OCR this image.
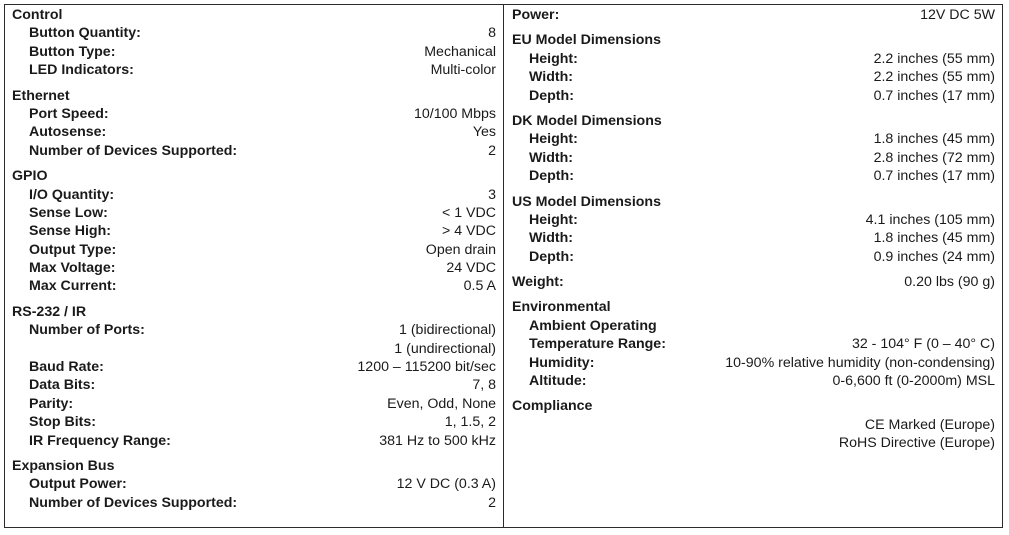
Control
Button Quantity:	8
Button Type:	Mechanical
LED Indicators:	Multi-color
Ethernet
Port Speed:	10/100 Mbps
Autosense:	Yes
Number of Devices Supported:	2
GPIO
I/O Quantity:	3
Sense Low:	< 1 VDC
Sense High:	> 4 VDC
Output Type:	Open drain
Max Voltage:	24 VDC
Max Current:	0.5 A
RS-232 / IR
Number of Ports:	1 (bidirectional)
1 (undirectional)
Baud Rate:	1200 – 115200 bit/sec
Data Bits:	7, 8
Parity:	Even, Odd, None
Stop Bits:	1, 1.5, 2
IR Frequency Range:	381 Hz to 500 kHz
Expansion Bus
Output Power:	12 V DC (0.3 A)
Number of Devices Supported:	2
Power:	12V DC 5W
EU Model Dimensions
Height:	2.2 inches (55 mm)
Width:	2.2 inches (55 mm)
Depth:	0.7 inches (17 mm)
DK Model Dimensions
Height:	1.8 inches (45 mm)
Width:	2.8 inches (72 mm)
Depth:	0.7 inches (17 mm)
US Model Dimensions
Height:	4.1 inches (105 mm)
Width:	1.8 inches (45 mm)
Depth:	0.9 inches (24 mm)
Weight:	0.20 lbs (90 g)
Environmental
Ambient Operating
Temperature Range:	32 - 104° F (0 – 40° C)
Humidity:	10-90% relative humidity (non-condensing)
Altitude:	0-6,600 ft (0-2000m) MSL
Compliance
CE Marked (Europe)
RoHS Directive (Europe)
